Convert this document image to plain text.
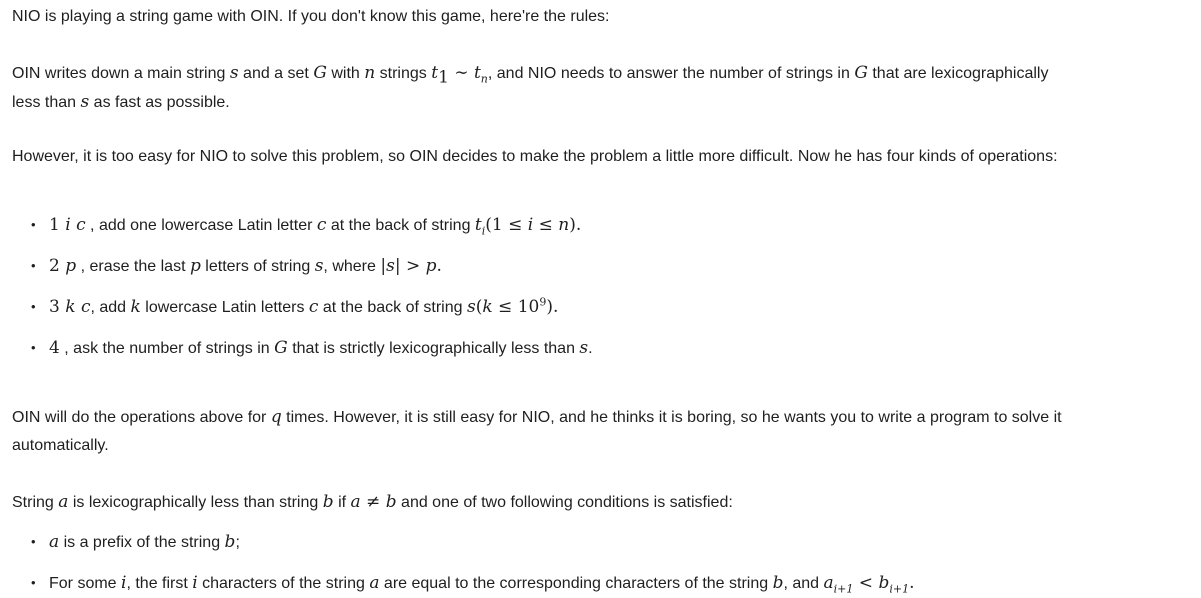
NIO is playing a string game with OIN. If you don't know this game, here're the rules:

OIN writes down a main string s and a set G with n strings $t_1$ ∼ $t_n$, and NIO needs to answer the number of strings in G that are lexicographically
less than s as fast as possible.

However, it is too easy for NIO to solve this problem, so OIN decides to make the problem a little more difficult. Now he has four kinds of operations:

• 1 i c , add one lowercase Latin letter c at the back of string $t_i(1 \le i \le n)$.

• 2 p , erase the last p letters of string s, where |s| > p.

• 3 k c, add k lowercase Latin letters c at the back of string $s(k \le 10^9)$.

• 4 , ask the number of strings in G that is strictly lexicographically less than s.

OIN will do the operations above for q times. However, it is still easy for NIO, and he thinks it is boring, so he wants you to write a program to solve it
automatically.

String a is lexicographically less than string b if a ≠ b and one of two following conditions is satisfied:

• a is a prefix of the string b;

• For some i, the first i characters of the string a are equal to the corresponding characters of the string b, and $a_{i+1} < b_{i+1}$.
